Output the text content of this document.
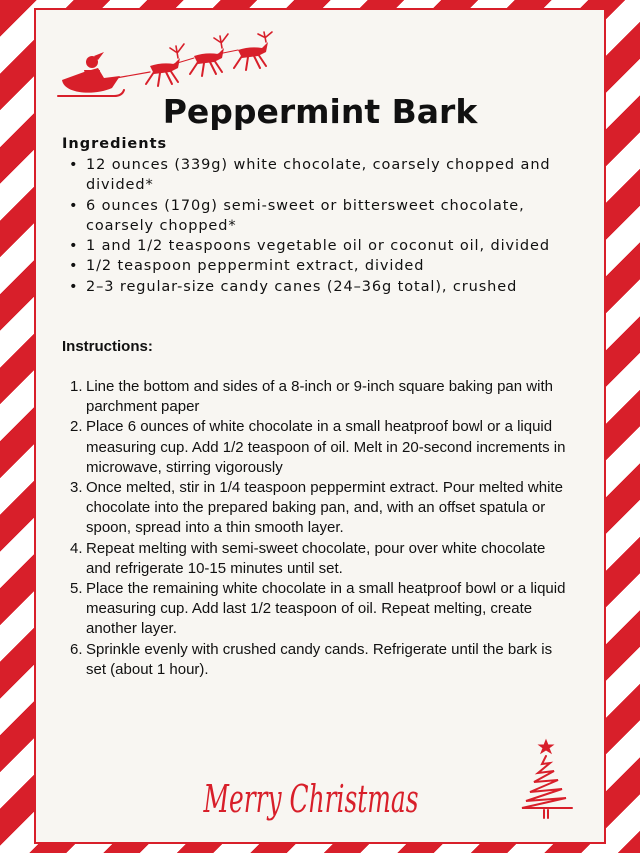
Peppermint Bark
Ingredients
• 12 ounces (339g) white chocolate, coarsely chopped and divided*
• 6 ounces (170g) semi-sweet or bittersweet chocolate, coarsely chopped*
• 1 and 1/2 teaspoons vegetable oil or coconut oil, divided
• 1/2 teaspoon peppermint extract, divided
• 2–3 regular-size candy canes (24–36g total), crushed
Instructions:
1. Line the bottom and sides of a 8-inch or 9-inch square baking pan with parchment paper
2. Place 6 ounces of white chocolate in a small heatproof bowl or a liquid measuring cup. Add 1/2 teaspoon of oil. Melt in 20-second increments in microwave, stirring vigorously
3. Once melted, stir in 1/4 teaspoon peppermint extract. Pour melted white chocolate into the prepared baking pan, and, with an offset spatula or spoon, spread into a thin smooth layer.
4. Repeat melting with semi-sweet chocolate, pour over white chocolate and refrigerate 10-15 minutes until set.
5. Place the remaining white chocolate in a small heatproof bowl or a liquid measuring cup. Add last 1/2 teaspoon of oil. Repeat melting, create another layer.
6. Sprinkle evenly with crushed candy cands. Refrigerate until the bark is set (about 1 hour).
Merry Christmas
